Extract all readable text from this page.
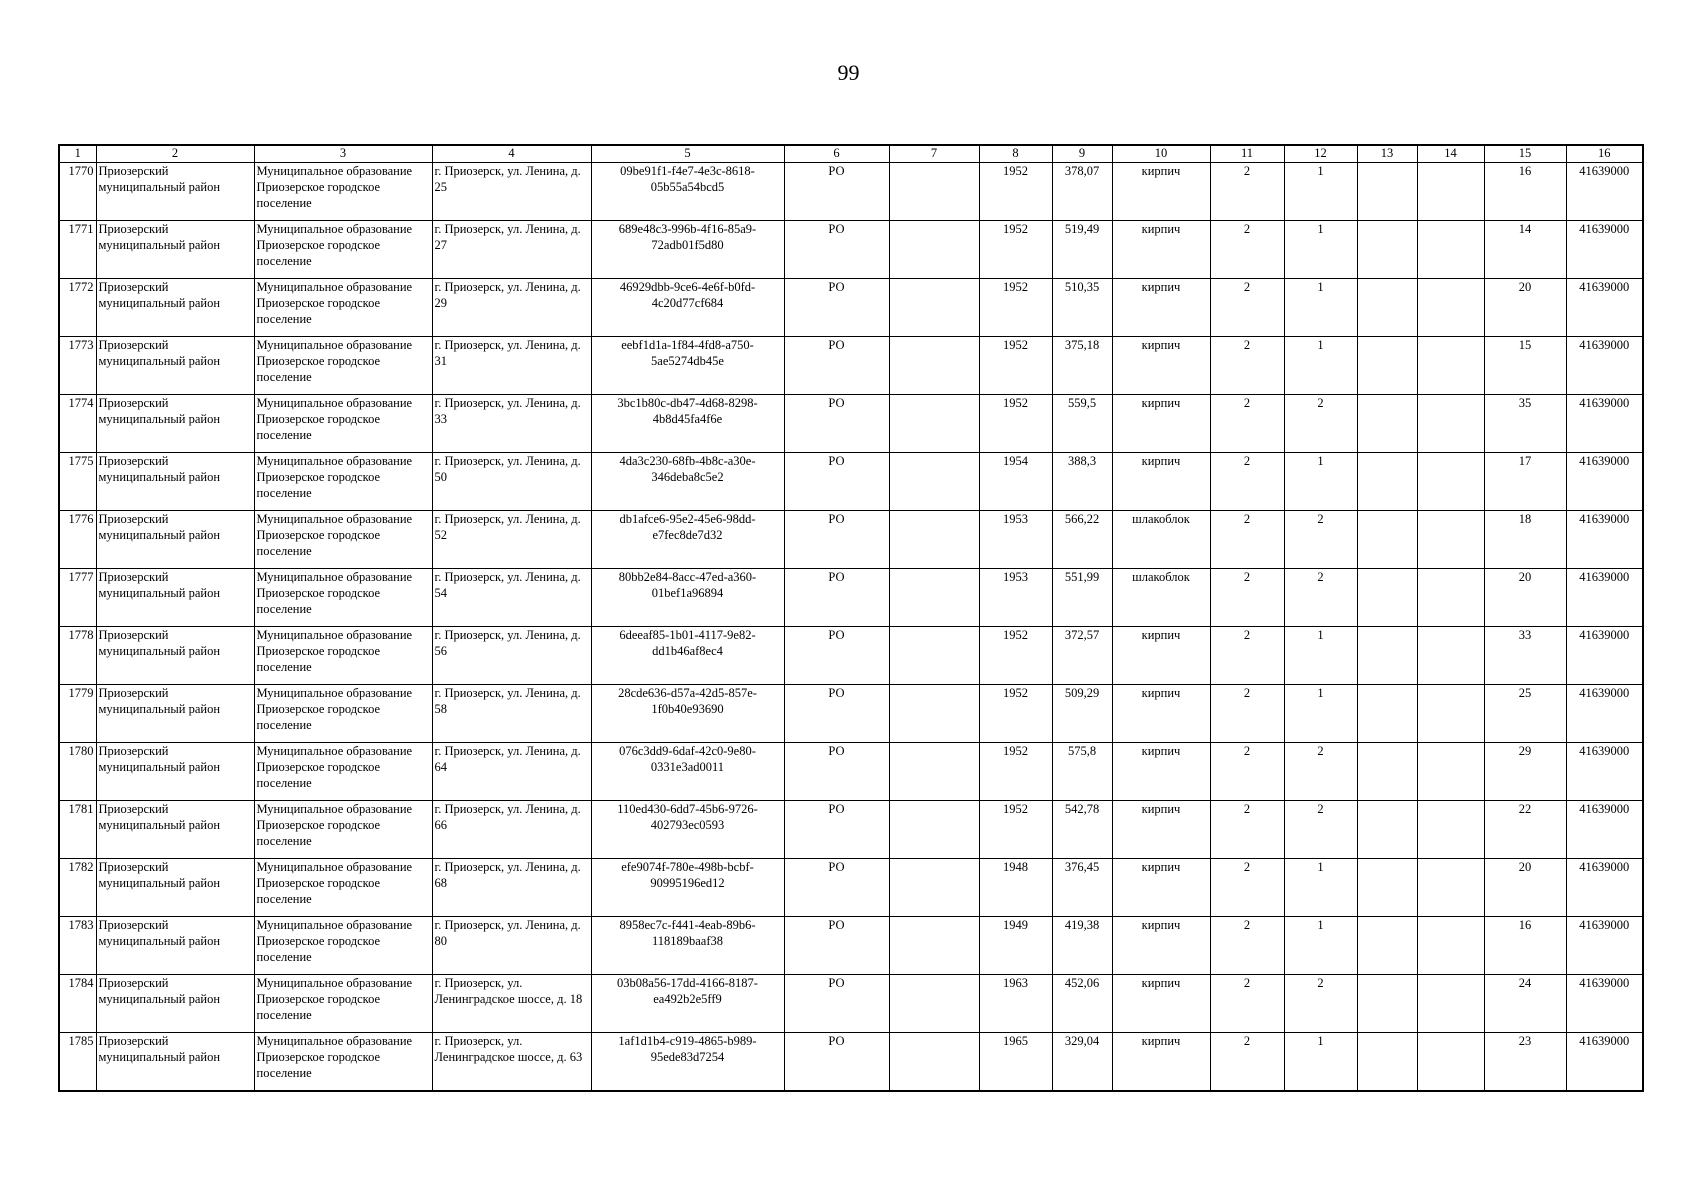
99
1	2	3	4	5	6	7	8	9	10	11	12	13	14	15	16
1770	Приозерский муниципальный район	Муниципальное образование Приозерское городское поселение	г. Приозерск, ул. Ленина, д. 25	09be91f1-f4e7-4e3c-8618-05b55a54bcd5	РО		1952	378,07	кирпич	2	1			16	41639000
1771	Приозерский муниципальный район	Муниципальное образование Приозерское городское поселение	г. Приозерск, ул. Ленина, д. 27	689e48c3-996b-4f16-85a9-72adb01f5d80	РО		1952	519,49	кирпич	2	1			14	41639000
1772	Приозерский муниципальный район	Муниципальное образование Приозерское городское поселение	г. Приозерск, ул. Ленина, д. 29	46929dbb-9ce6-4e6f-b0fd-4c20d77cf684	РО		1952	510,35	кирпич	2	1			20	41639000
1773	Приозерский муниципальный район	Муниципальное образование Приозерское городское поселение	г. Приозерск, ул. Ленина, д. 31	eebf1d1a-1f84-4fd8-a750-5ae5274db45e	РО		1952	375,18	кирпич	2	1			15	41639000
1774	Приозерский муниципальный район	Муниципальное образование Приозерское городское поселение	г. Приозерск, ул. Ленина, д. 33	3bc1b80c-db47-4d68-8298-4b8d45fa4f6e	РО		1952	559,5	кирпич	2	2			35	41639000
1775	Приозерский муниципальный район	Муниципальное образование Приозерское городское поселение	г. Приозерск, ул. Ленина, д. 50	4da3c230-68fb-4b8c-a30e-346deba8c5e2	РО		1954	388,3	кирпич	2	1			17	41639000
1776	Приозерский муниципальный район	Муниципальное образование Приозерское городское поселение	г. Приозерск, ул. Ленина, д. 52	db1afce6-95e2-45e6-98dd-e7fec8de7d32	РО		1953	566,22	шлакоблок	2	2			18	41639000
1777	Приозерский муниципальный район	Муниципальное образование Приозерское городское поселение	г. Приозерск, ул. Ленина, д. 54	80bb2e84-8acc-47ed-a360-01bef1a96894	РО		1953	551,99	шлакоблок	2	2			20	41639000
1778	Приозерский муниципальный район	Муниципальное образование Приозерское городское поселение	г. Приозерск, ул. Ленина, д. 56	6deeaf85-1b01-4117-9e82-dd1b46af8ec4	РО		1952	372,57	кирпич	2	1			33	41639000
1779	Приозерский муниципальный район	Муниципальное образование Приозерское городское поселение	г. Приозерск, ул. Ленина, д. 58	28cde636-d57a-42d5-857e-1f0b40e93690	РО		1952	509,29	кирпич	2	1			25	41639000
1780	Приозерский муниципальный район	Муниципальное образование Приозерское городское поселение	г. Приозерск, ул. Ленина, д. 64	076c3dd9-6daf-42c0-9e80-0331e3ad0011	РО		1952	575,8	кирпич	2	2			29	41639000
1781	Приозерский муниципальный район	Муниципальное образование Приозерское городское поселение	г. Приозерск, ул. Ленина, д. 66	110ed430-6dd7-45b6-9726-402793ec0593	РО		1952	542,78	кирпич	2	2			22	41639000
1782	Приозерский муниципальный район	Муниципальное образование Приозерское городское поселение	г. Приозерск, ул. Ленина, д. 68	efe9074f-780e-498b-bcbf-90995196ed12	РО		1948	376,45	кирпич	2	1			20	41639000
1783	Приозерский муниципальный район	Муниципальное образование Приозерское городское поселение	г. Приозерск, ул. Ленина, д. 80	8958ec7c-f441-4eab-89b6-118189baaf38	РО		1949	419,38	кирпич	2	1			16	41639000
1784	Приозерский муниципальный район	Муниципальное образование Приозерское городское поселение	г. Приозерск, ул. Ленинградское шоссе, д. 18	03b08a56-17dd-4166-8187-ea492b2e5ff9	РО		1963	452,06	кирпич	2	2			24	41639000
1785	Приозерский муниципальный район	Муниципальное образование Приозерское городское поселение	г. Приозерск, ул. Ленинградское шоссе, д. 63	1af1d1b4-c919-4865-b989-95ede83d7254	РО		1965	329,04	кирпич	2	1			23	41639000
